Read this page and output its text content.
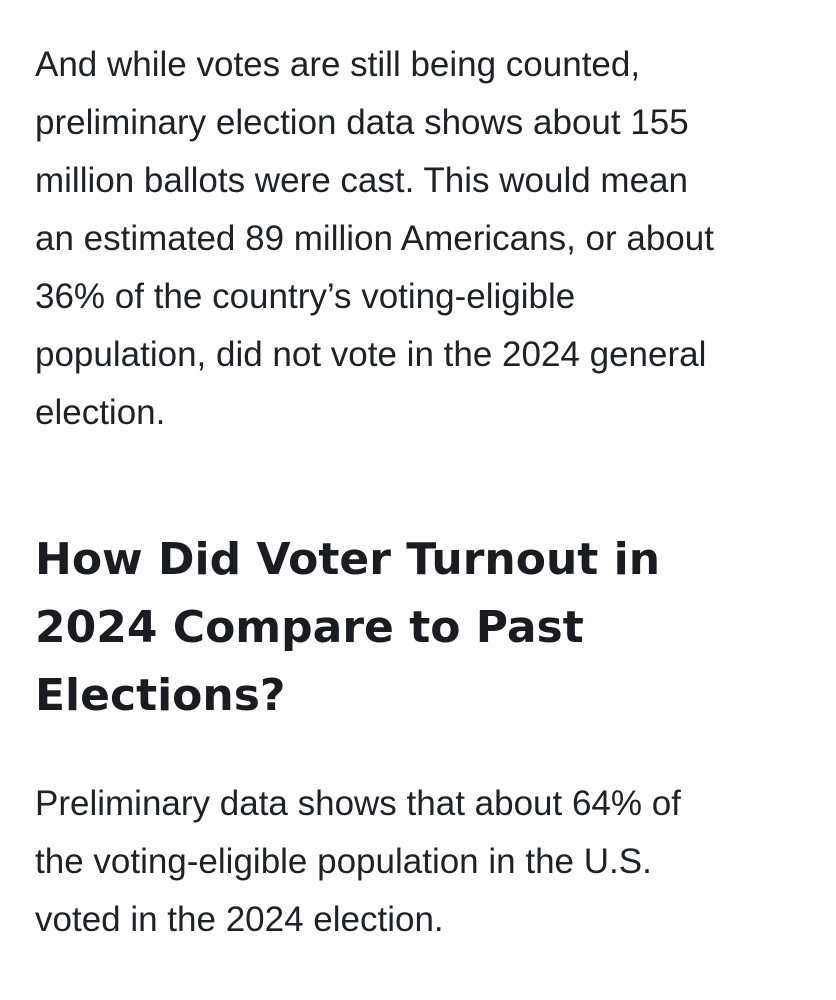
And while votes are still being counted,
preliminary election data shows about 155
million ballots were cast. This would mean
an estimated 89 million Americans, or about
36% of the country’s voting-eligible
population, did not vote in the 2024 general
election.

How Did Voter Turnout in
2024 Compare to Past
Elections?

Preliminary data shows that about 64% of
the voting-eligible population in the U.S.
voted in the 2024 election.
